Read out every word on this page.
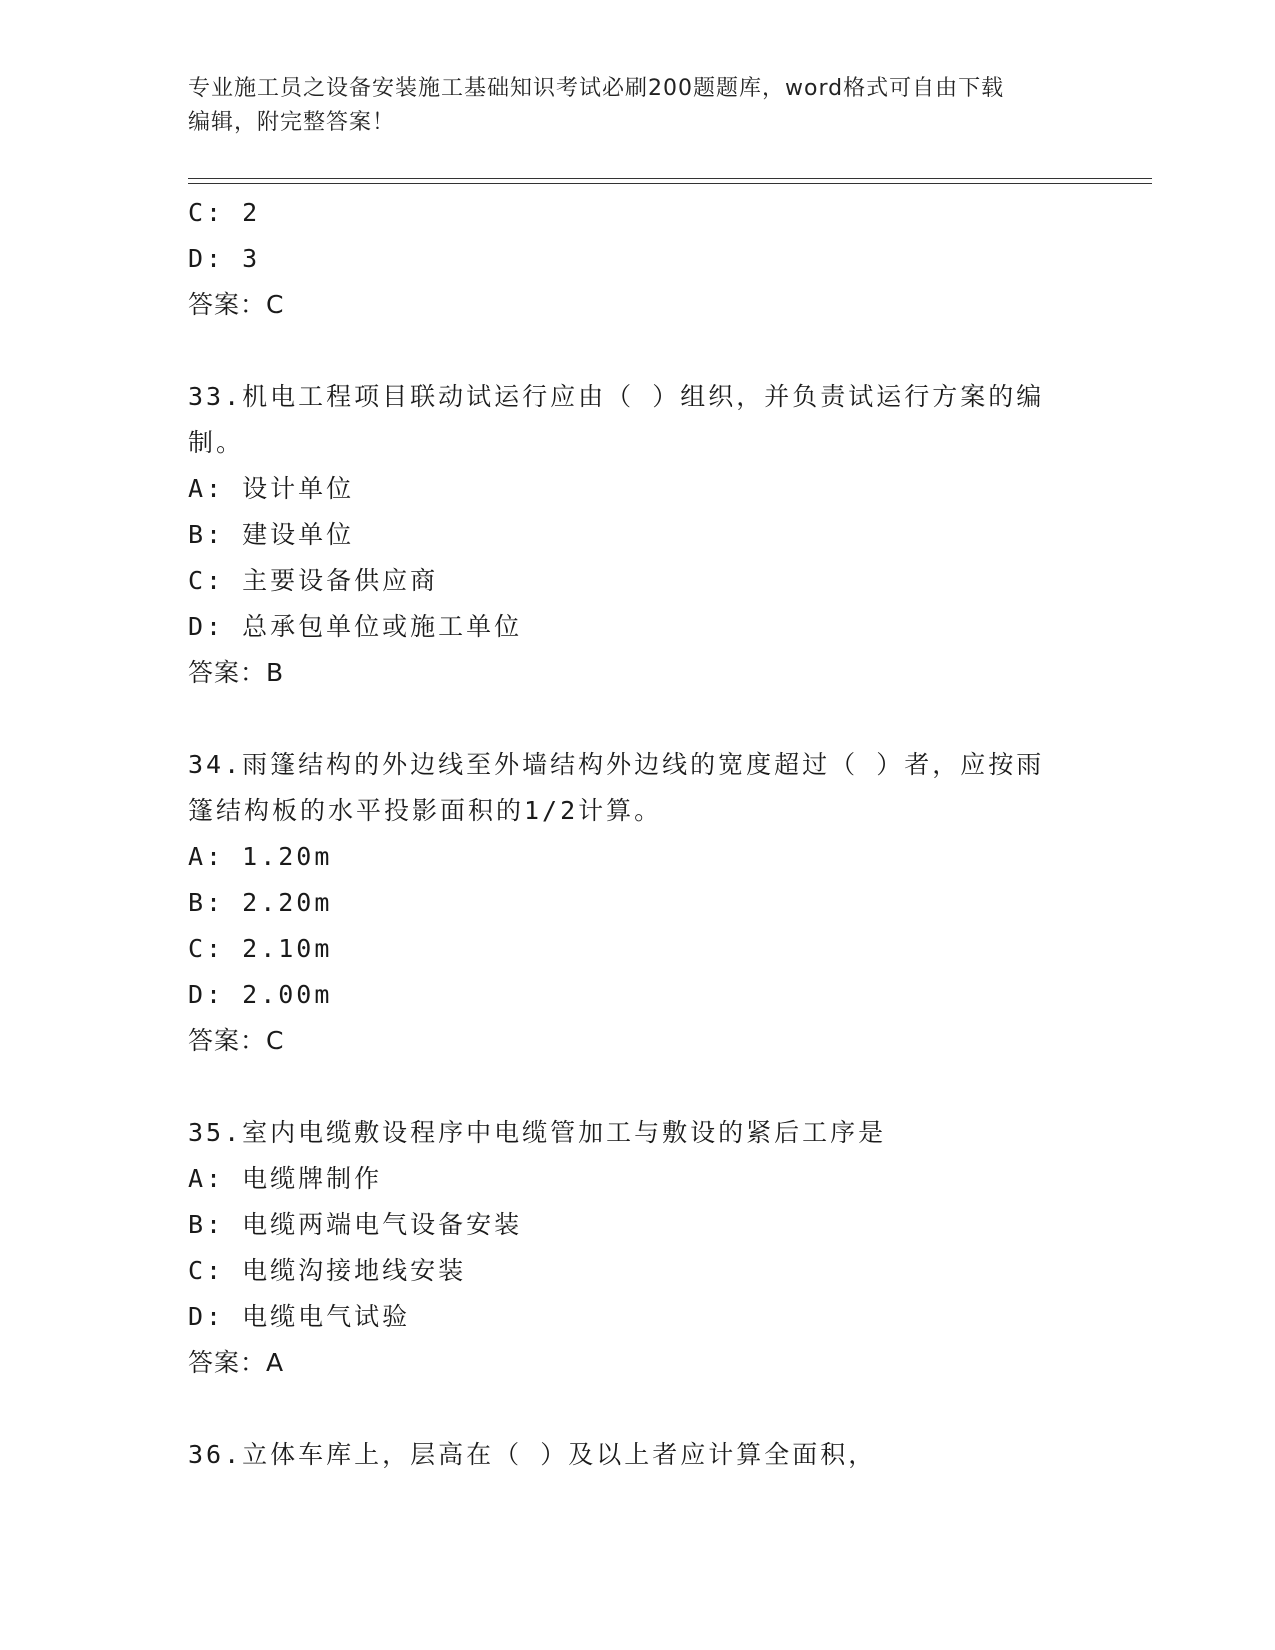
专业施工员之设备安装施工基础知识考试必刷200题题库，word格式可自由下载
编辑，附完整答案！
C: 2
D: 3
答案：C
33.机电工程项目联动试运行应由（ ）组织，并负责试运行方案的编
制。
A: 设计单位
B: 建设单位
C: 主要设备供应商
D: 总承包单位或施工单位
答案：B
34.雨篷结构的外边线至外墙结构外边线的宽度超过（ ）者，应按雨
篷结构板的水平投影面积的1/2计算。
A: 1.20m
B: 2.20m
C: 2.10m
D: 2.00m
答案：C
35.室内电缆敷设程序中电缆管加工与敷设的紧后工序是
A: 电缆牌制作
B: 电缆两端电气设备安装
C: 电缆沟接地线安装
D: 电缆电气试验
答案：A
36.立体车库上，层高在（ ）及以上者应计算全面积，
